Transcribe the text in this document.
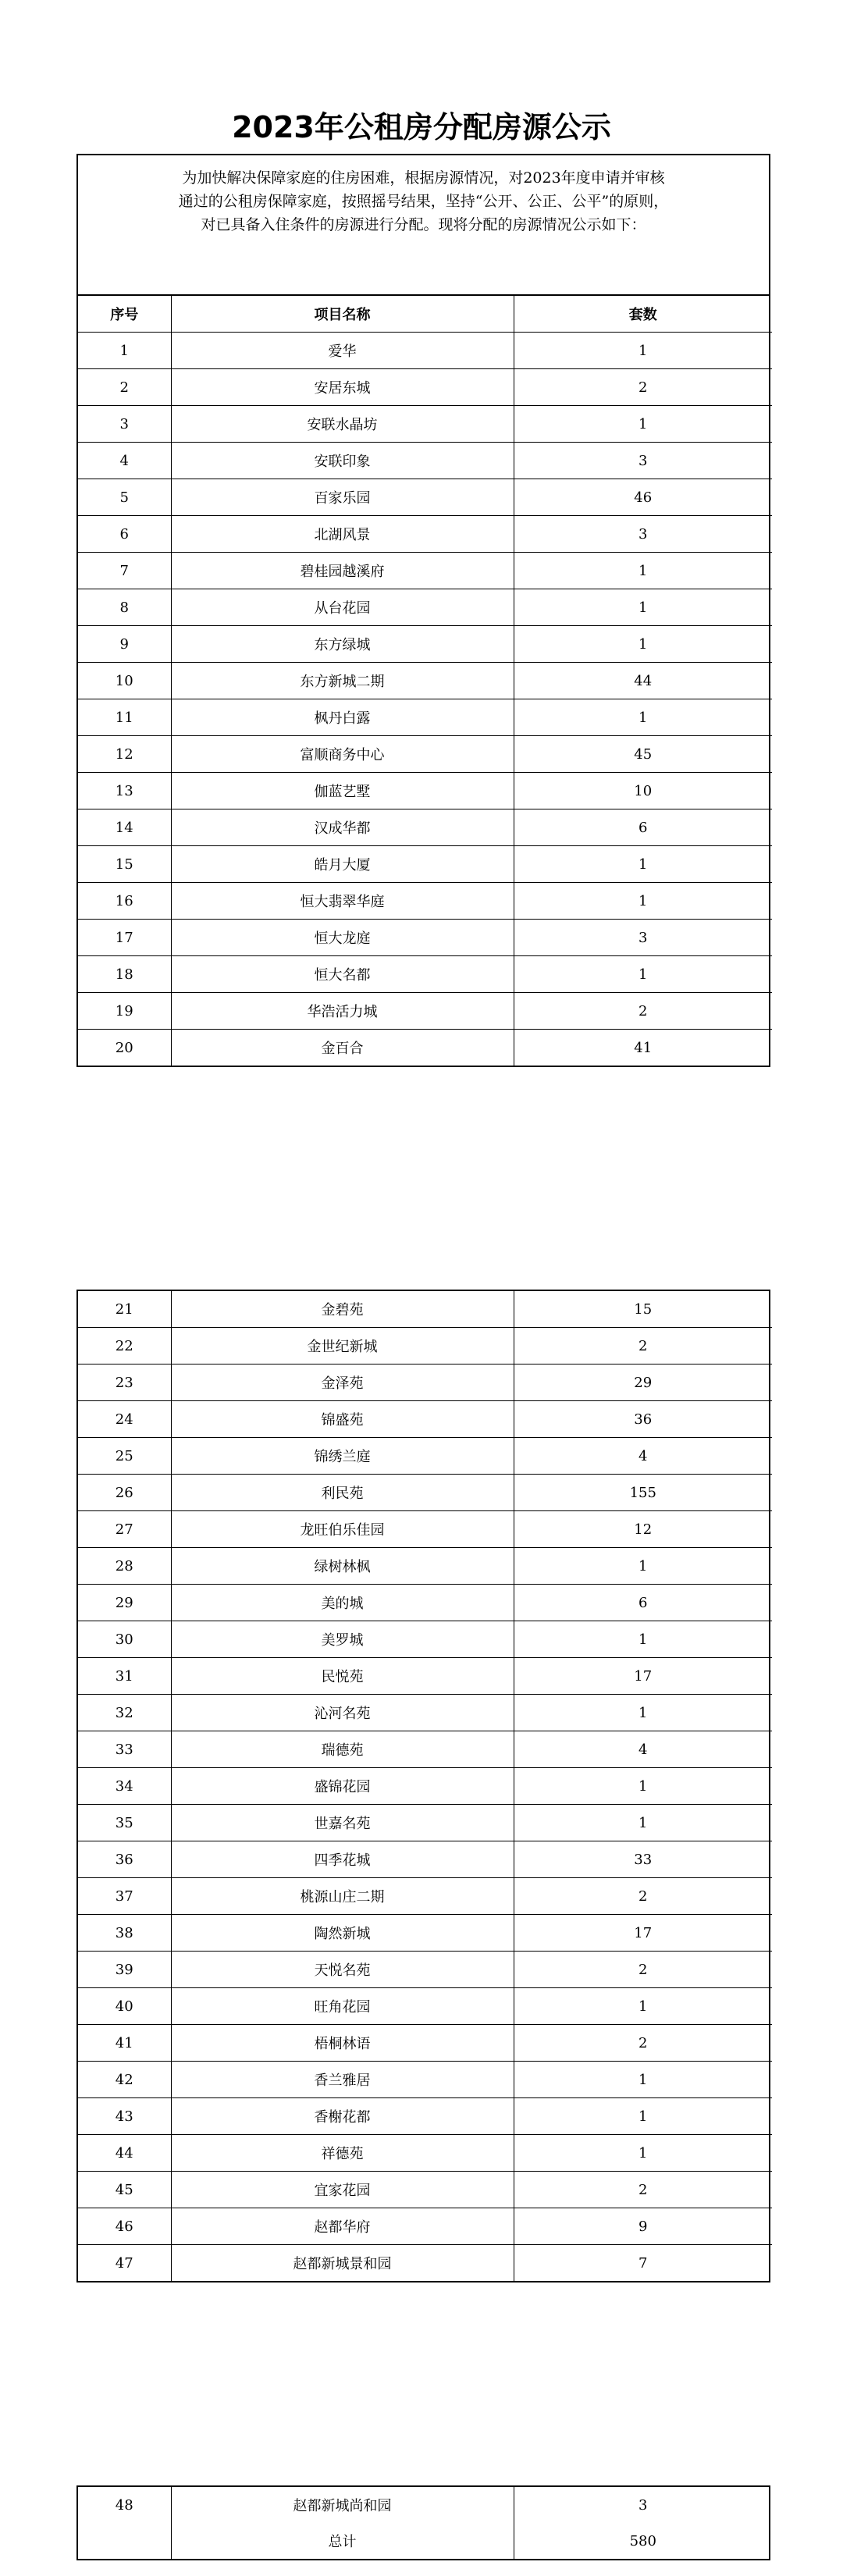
2023年公租房分配房源公示
为加快解决保障家庭的住房困难，根据房源情况，对2023年度申请并审核
通过的公租房保障家庭，按照摇号结果，坚持“公开、公正、公平”的原则，
对已具备入住条件的房源进行分配。现将分配的房源情况公示如下：
序号	项目名称	套数
1	爱华	1
2	安居东城	2
3	安联水晶坊	1
4	安联印象	3
5	百家乐园	46
6	北湖风景	3
7	碧桂园越溪府	1
8	从台花园	1
9	东方绿城	1
10	东方新城二期	44
11	枫丹白露	1
12	富顺商务中心	45
13	伽蓝艺墅	10
14	汉成华都	6
15	皓月大厦	1
16	恒大翡翠华庭	1
17	恒大龙庭	3
18	恒大名都	1
19	华浩活力城	2
20	金百合	41
21	金碧苑	15
22	金世纪新城	2
23	金泽苑	29
24	锦盛苑	36
25	锦绣兰庭	4
26	利民苑	155
27	龙旺伯乐佳园	12
28	绿树林枫	1
29	美的城	6
30	美罗城	1
31	民悦苑	17
32	沁河名苑	1
33	瑞德苑	4
34	盛锦花园	1
35	世嘉名苑	1
36	四季花城	33
37	桃源山庄二期	2
38	陶然新城	17
39	天悦名苑	2
40	旺角花园	1
41	梧桐林语	2
42	香兰雅居	1
43	香榭花都	1
44	祥德苑	1
45	宜家花园	2
46	赵都华府	9
47	赵都新城景和园	7
48	赵都新城尚和园	3
	总计	580
